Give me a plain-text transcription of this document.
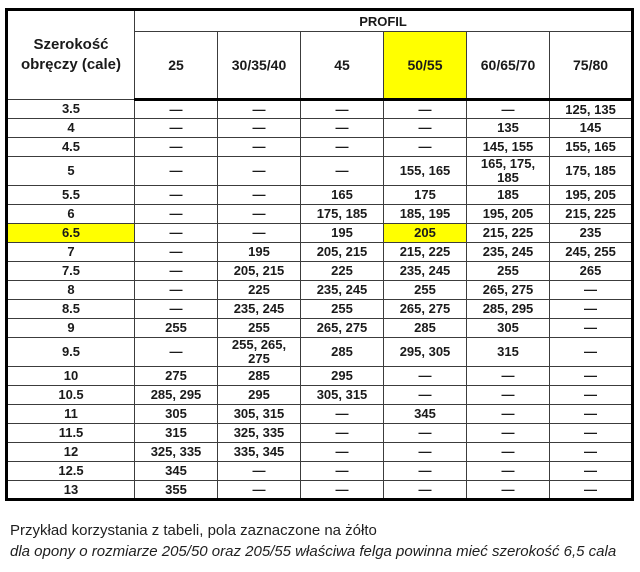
Szerokość obręczy (cale)	PROFIL					
	25	30/35/40	45	50/55	60/65/70	75/80
3.5	—	—	—	—	—	125, 135
4	—	—	—	—	135	145
4.5	—	—	—	—	145, 155	155, 165
5	—	—	—	155, 165	165, 175, 185	175, 185
5.5	—	—	165	175	185	195, 205
6	—	—	175, 185	185, 195	195, 205	215, 225
6.5	—	—	195	205	215, 225	235
7	—	195	205, 215	215, 225	235, 245	245, 255
7.5	—	205, 215	225	235, 245	255	265
8	—	225	235, 245	255	265, 275	—
8.5	—	235, 245	255	265, 275	285, 295	—
9	255	255	265, 275	285	305	—
9.5	—	255, 265, 275	285	295, 305	315	—
10	275	285	295	—	—	—
10.5	285, 295	295	305, 315	—	—	—
11	305	305, 315	—	345	—	—
11.5	315	325, 335	—	—	—	—
12	325, 335	335, 345	—	—	—	—
12.5	345	—	—	—	—	—
13	355	—	—	—	—	—
Przykład korzystania z tabeli, pola zaznaczone na żółto
dla opony o rozmiarze 205/50 oraz 205/55 właściwa felga powinna mieć szerokość 6,5 cala
